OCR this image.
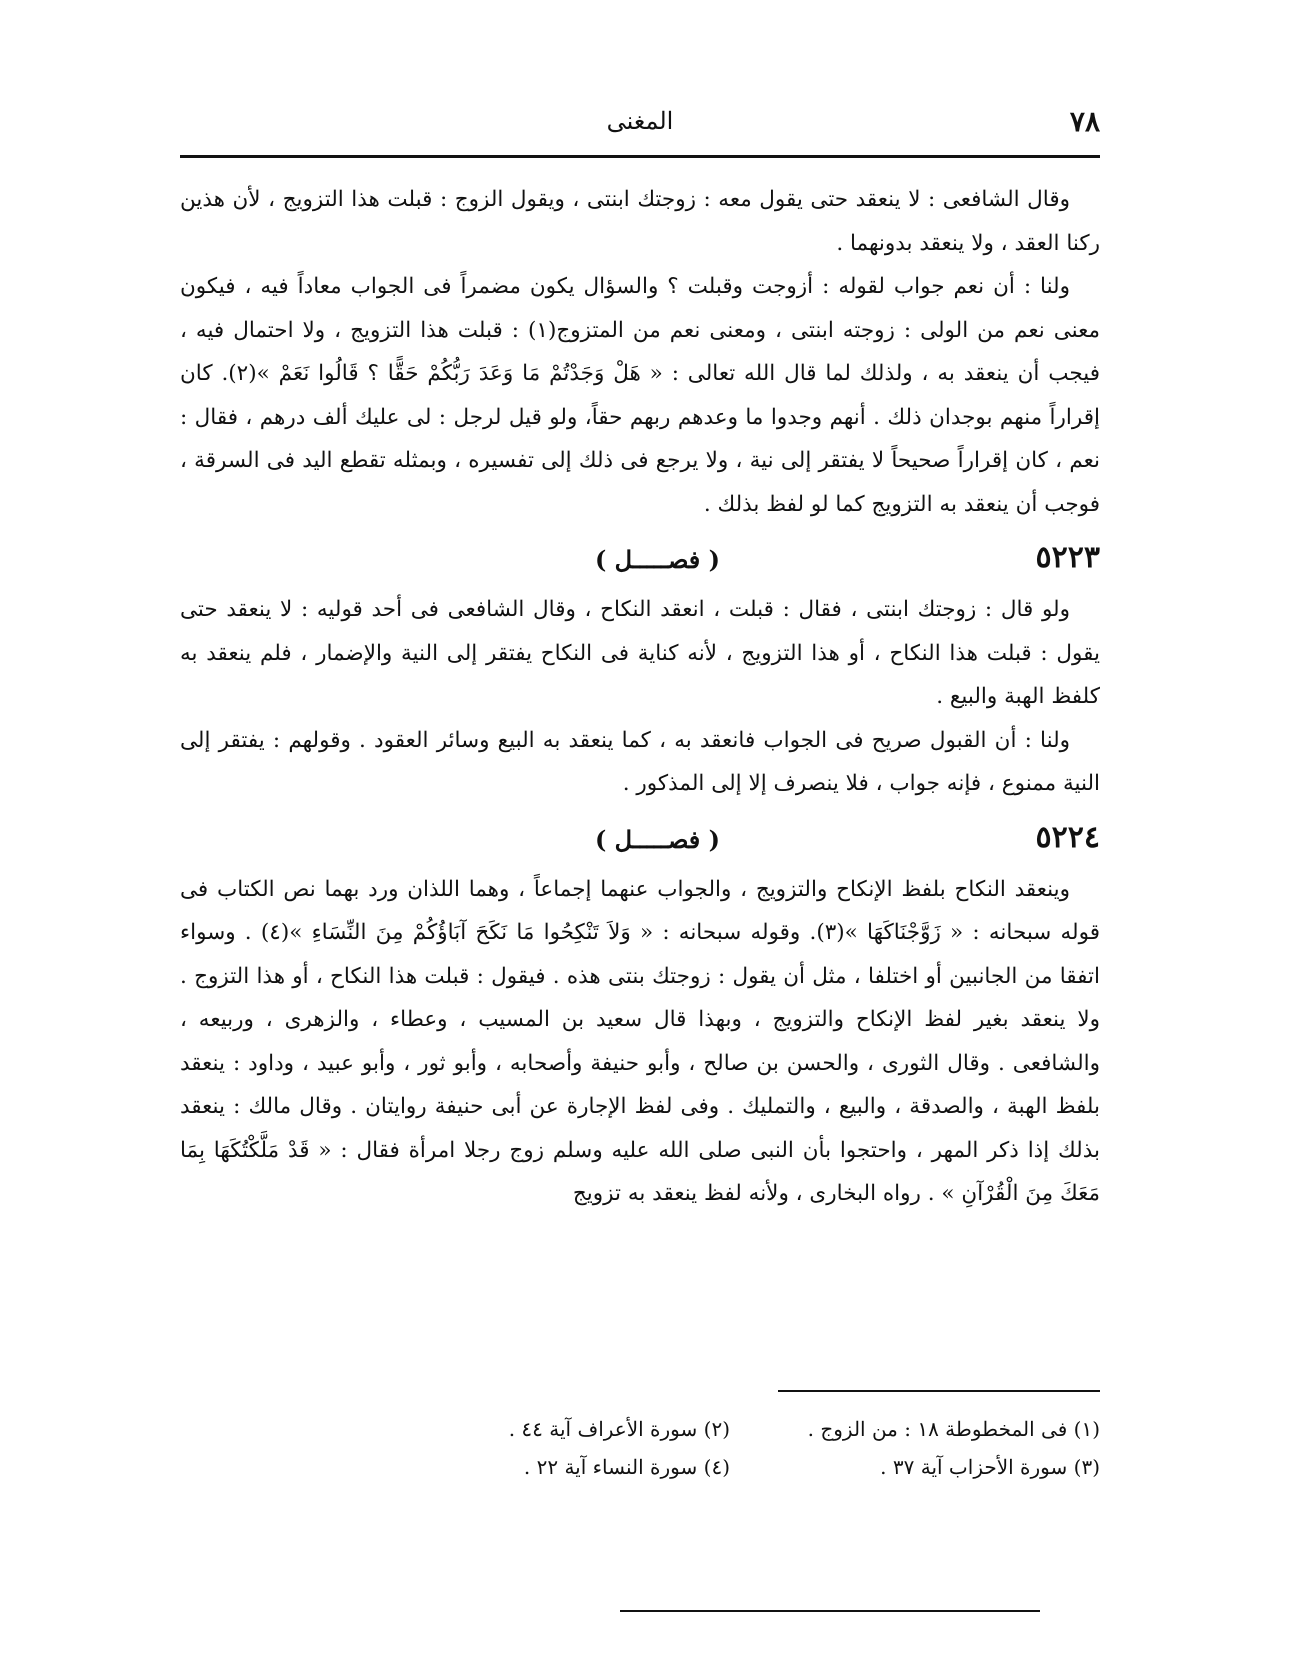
٧٨
المغنى

وقال الشافعى : لا ينعقد حتى يقول معه : زوجتك ابنتى ، ويقول الزوج : قبلت هذا التزويج ، لأن هذين ركنا العقد ، ولا ينعقد بدونهما .

ولنا : أن نعم جواب لقوله : أزوجت وقبلت ؟ والسؤال يكون مضمراً فى الجواب معاداً فيه ، فيكون معنى نعم من الولى : زوجته ابنتى ، ومعنى نعم من المتزوج(١) : قبلت هذا التزويج ، ولا احتمال فيه ، فيجب أن ينعقد به ، ولذلك لما قال الله تعالى : « هَلْ وَجَدْتُمْ مَا وَعَدَ رَبُّكُمْ حَقًّا ؟ قَالُوا نَعَمْ »(٢). كان إقراراً منهم بوجدان ذلك . أنهم وجدوا ما وعدهم ربهم حقاً، ولو قيل لرجل : لى عليك ألف درهم ، فقال : نعم ، كان إقراراً صحيحاً لا يفتقر إلى نية ، ولا يرجع فى ذلك إلى تفسيره ، وبمثله تقطع اليد فى السرقة ، فوجب أن ينعقد به التزويج كما لو لفظ بذلك .

٥٢٢٣
( فصـــــل )

ولو قال : زوجتك ابنتى ، فقال : قبلت ، انعقد النكاح ، وقال الشافعى فى أحد قوليه : لا ينعقد حتى يقول : قبلت هذا النكاح ، أو هذا التزويج ، لأنه كناية فى النكاح يفتقر إلى النية والإضمار ، فلم ينعقد به كلفظ الهبة والبيع .

ولنا : أن القبول صريح فى الجواب فانعقد به ، كما ينعقد به البيع وسائر العقود . وقولهم : يفتقر إلى النية ممنوع ، فإنه جواب ، فلا ينصرف إلا إلى المذكور .

٥٢٢٤
( فصـــــل )

وينعقد النكاح بلفظ الإنكاح والتزويج ، والجواب عنهما إجماعاً ، وهما اللذان ورد بهما نص الكتاب فى قوله سبحانه : « زَوَّجْنَاكَهَا »(٣). وقوله سبحانه : « وَلاَ تَنْكِحُوا مَا نَكَحَ آبَاؤُكُمْ مِنَ النِّسَاءِ »(٤) . وسواء اتفقا من الجانبين أو اختلفا ، مثل أن يقول : زوجتك بنتى هذه . فيقول : قبلت هذا النكاح ، أو هذا التزوج . ولا ينعقد بغير لفظ الإنكاح والتزويج ، وبهذا قال سعيد بن المسيب ، وعطاء ، والزهرى ، وربيعه ، والشافعى . وقال الثورى ، والحسن بن صالح ، وأبو حنيفة وأصحابه ، وأبو ثور ، وأبو عبيد ، وداود : ينعقد بلفظ الهبة ، والصدقة ، والبيع ، والتمليك . وفى لفظ الإجارة عن أبى حنيفة روايتان . وقال مالك : ينعقد بذلك إذا ذكر المهر ، واحتجوا بأن النبى صلى الله عليه وسلم زوج رجلا امرأة فقال : « قَدْ مَلَّكْتُكَهَا بِمَا مَعَكَ مِنَ الْقُرْآنِ » . رواه البخارى ، ولأنه لفظ ينعقد به تزويج

(١) فى المخطوطة ١٨ : من الزوج .
(٢) سورة الأعراف آية ٤٤ .
(٣) سورة الأحزاب آية ٣٧ .
(٤) سورة النساء آية ٢٢ .
